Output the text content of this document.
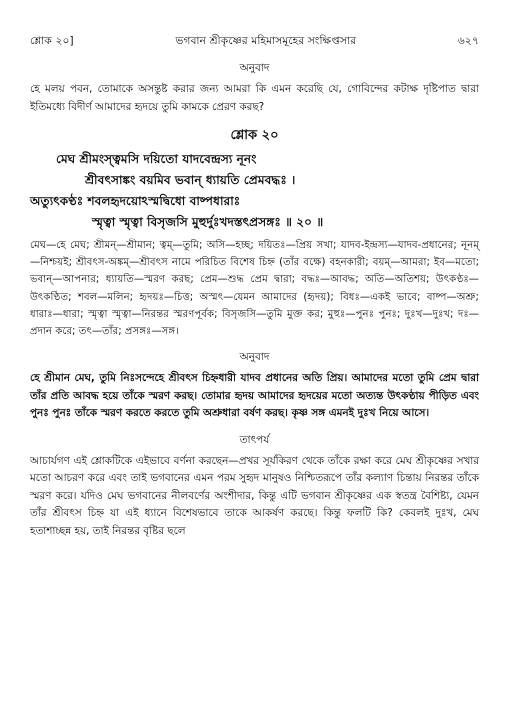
শ্লোক ২০]	ভগবান শ্রীকৃষ্ণের মহিমাসমূহের সংক্ষিপ্তসার	৬২৭
অনুবাদ

হে মলয় পবন, তোমাকে অসন্তুষ্ট করার জন্য আমরা কি এমন করেছি যে, গোবিন্দের কটাক্ষ দৃষ্টিপাত দ্বারা ইতিমধ্যে বিদীর্ণ আমাদের হৃদয়ে তুমি কামকে প্রেরণ করছ?

শ্লোক ২০
মেঘ শ্রীমংস্ত্বমসি দয়িতো যাদবেন্দ্রস্য নূনং
শ্রীবৎসাঙ্কং বয়মিব ভবান্ ধ্যায়তি প্রেমবদ্ধঃ ।
অত্যুৎকণ্ঠঃ শবলহৃদয়োঽস্মদ্বিধো বাষ্পধারাঃ
স্মৃত্বা স্মৃত্বা বিসৃজসি মুহুর্দুঃখদস্তৎপ্রসঙ্গঃ ॥ ২০ ॥

মেঘ—হে মেঘ; শ্রীমন্—শ্রীমান; ত্বম্—তুমি; অসি—হচ্ছ; দয়িতঃ—প্রিয় সখা; যাদব-ইন্দ্রস্য—যাদব-প্রধানের; নূনম্—নিশ্চয়ই; শ্রীবৎস-অঙ্কম্—শ্রীবৎস নামে পরিচিত বিশেষ চিহ্ন (তাঁর বক্ষে) বহনকারী; বয়ম্—আমরা; ইব—মতো; ভবান্—আপনার; ধ্যায়তি—স্মরণ করছ; প্রেম—শুদ্ধ প্রেম দ্বারা; বদ্ধঃ—আবদ্ধ; অতি—অতিশয়; উৎকণ্ঠঃ—উৎকণ্ঠিত; শবল—মলিন; হৃদয়ঃ—চিত্ত; অস্মৎ—যেমন আমাদের (হৃদয়); বিধঃ—একই ভাবে; বাষ্প—অশ্রু; ধারাঃ—ধারা; স্মৃত্বা স্মৃত্বা—নিরন্তর স্মরণপূর্বক; বিসৃজসি—তুমি মুক্ত কর; মুহুঃ—পুনঃ পুনঃ; দুঃখ—দুঃখ; দঃ—প্রদান করে; তৎ—তাঁর; প্রসঙ্গঃ—সঙ্গ।

অনুবাদ

হে শ্রীমান মেঘ, তুমি নিঃসন্দেহে শ্রীবৎস চিহ্নধারী যাদব প্রধানের অতি প্রিয়। আমাদের মতো তুমি প্রেম দ্বারা তাঁর প্রতি আবদ্ধ হয়ে তাঁকে স্মরণ করছ। তোমার হৃদয় আমাদের হৃদয়ের মতো অত্যন্ত উৎকণ্ঠায় পীড়িত এবং পুনঃ পুনঃ তাঁকে স্মরণ করতে করতে তুমি অশ্রুধারা বর্ষণ করছ। কৃষ্ণ সঙ্গ এমনই দুঃখ নিয়ে আসে।

তাৎপর্য

আচার্যগণ এই শ্লোকটিকে এইভাবে বর্ণনা করছেন—প্রখর সূর্যকিরণ থেকে তাঁকে রক্ষা করে মেঘ শ্রীকৃষ্ণের সখার মতো আচরণ করে এবং তাই ভগবানের এমন পরম সুহৃদ মানুষও নিশ্চিতরূপে তাঁর কল্যাণ চিন্তায় নিরন্তর তাঁকে স্মরণ করে। যদিও মেঘ ভগবানের নীলবর্ণের অংশীদার, কিন্তু এটি ভগবান শ্রীকৃষ্ণের এক স্বতন্ত্র বৈশিষ্ট্য, যেমন তাঁর শ্রীবৎস চিহ্ন যা এই ধ্যানে বিশেষভাবে তাকে আকর্ষণ করছে। কিন্তু ফলটি কি? কেবলই দুঃখ, মেঘ হতাশাচ্ছন্ন হয়, তাই নিরন্তর বৃষ্টির ছলে
